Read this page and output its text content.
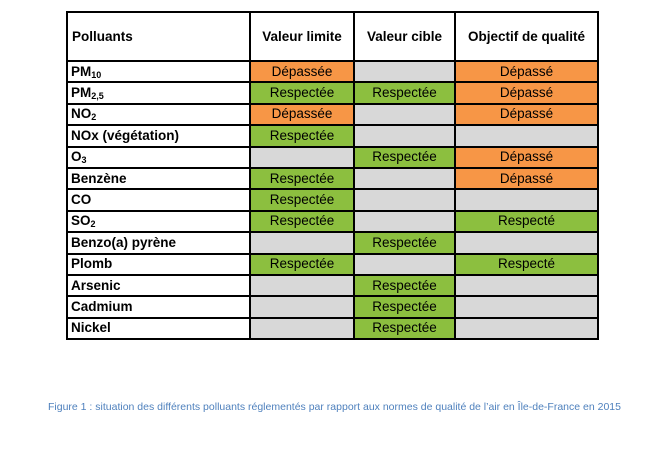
Polluants	Valeur limite	Valeur cible	Objectif de qualité
$PM_{10}$	Dépassée		Dépassé
$PM_{2,5}$	Respectée	Respectée	Dépassé
$NO_2$	Dépassée		Dépassé
NOx (végétation)	Respectée		
$O_3$		Respectée	Dépassé
Benzène	Respectée		Dépassé
CO	Respectée		
$SO_2$	Respectée		Respecté
Benzo(a) pyrène		Respectée	
Plomb	Respectée		Respecté
Arsenic		Respectée	
Cadmium		Respectée	
Nickel		Respectée	
Figure 1 : situation des différents polluants réglementés par rapport aux normes de qualité de l’air en Île-de-France en 2015
